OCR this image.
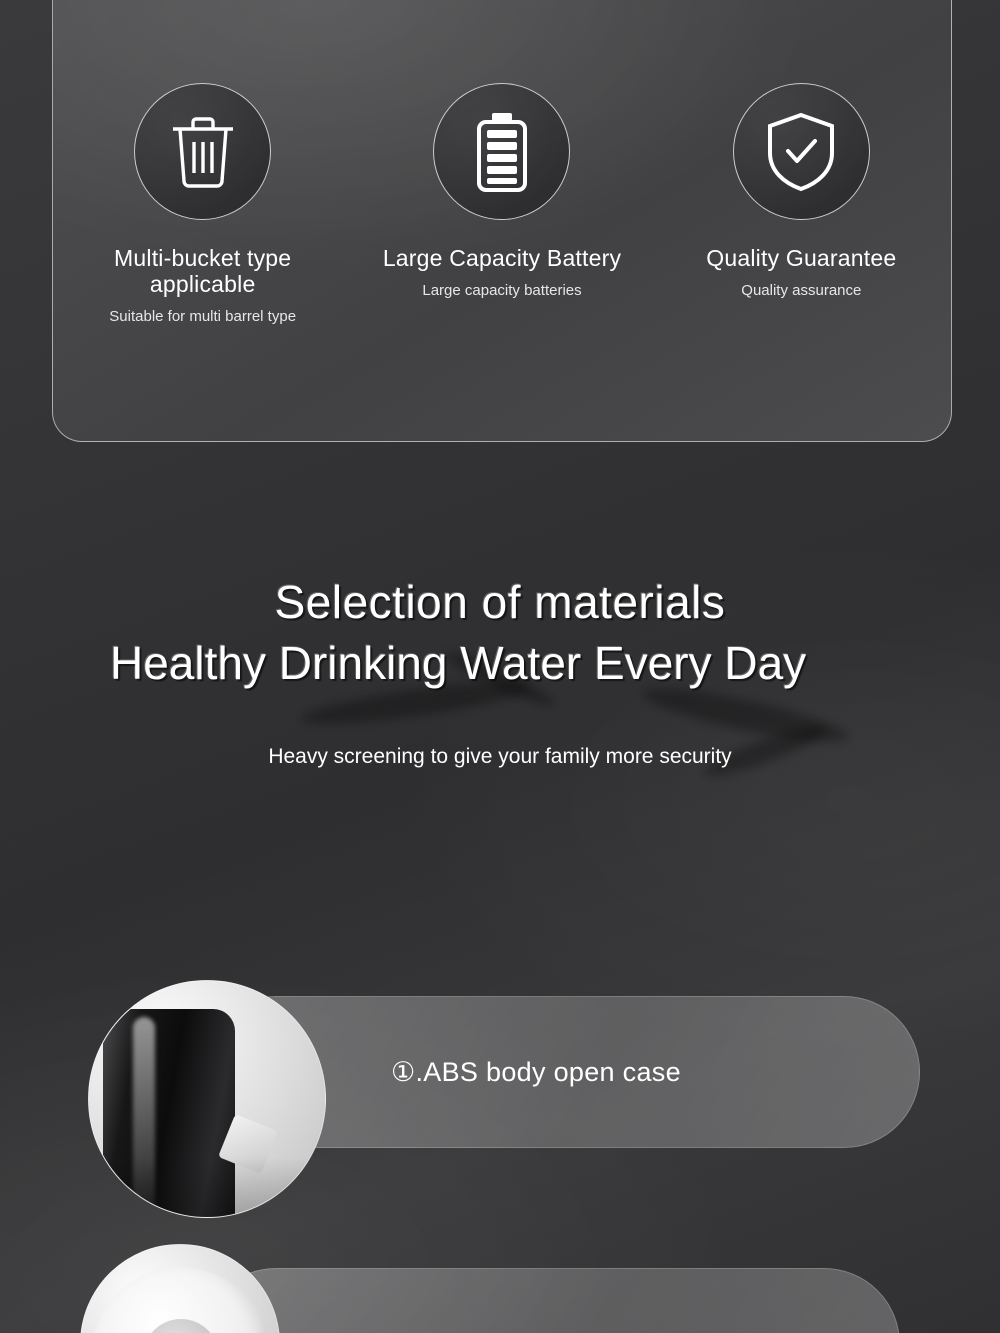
Multi-bucket type applicable
Suitable for multi barrel type
Large Capacity Battery
Large capacity batteries
Quality Guarantee
Quality assurance
Selection of materials
Healthy Drinking Water Every Day
Heavy screening to give your family more security
①.ABS body open case
